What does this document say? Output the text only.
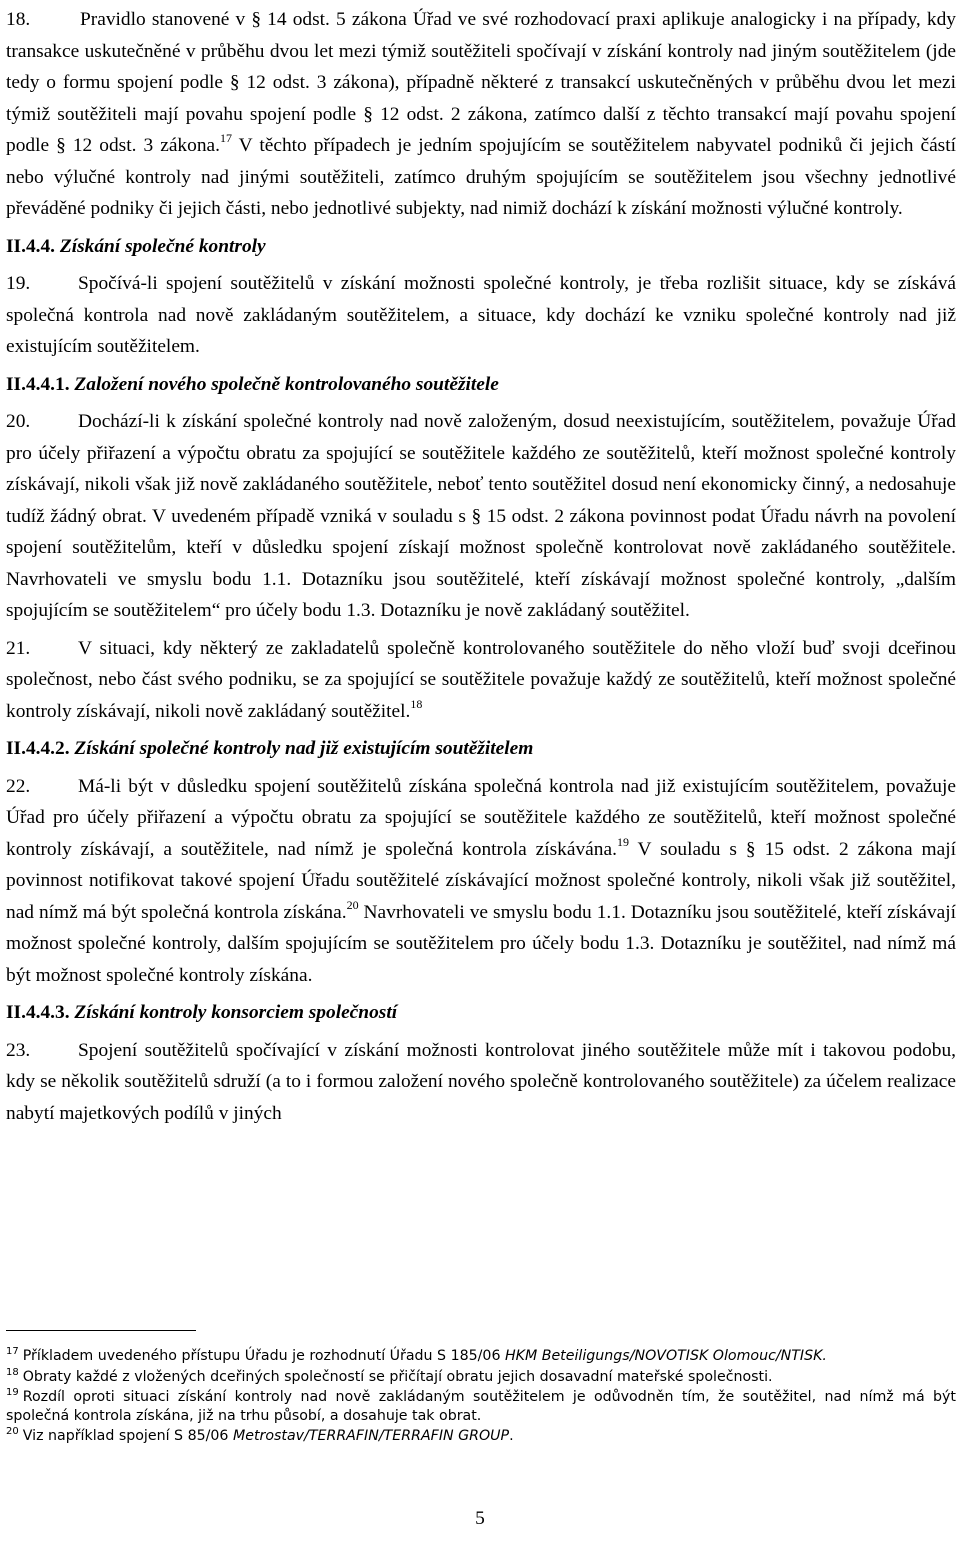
18.	Pravidlo stanovené v § 14 odst. 5 zákona Úřad ve své rozhodovací praxi aplikuje analogicky i na případy, kdy transakce uskutečněné v průběhu dvou let mezi týmiž soutěžiteli spočívají v získání kontroly nad jiným soutěžitelem (jde tedy o formu spojení podle § 12 odst. 3 zákona), případně některé z transakcí uskutečněných v průběhu dvou let mezi týmiž soutěžiteli mají povahu spojení podle § 12 odst. 2 zákona, zatímco další z těchto transakcí mají povahu spojení podle § 12 odst. 3 zákona.$^{17}$ V těchto případech je jedním spojujícím se soutěžitelem nabyvatel podniků či jejich částí nebo výlučné kontroly nad jinými soutěžiteli, zatímco druhým spojujícím se soutěžitelem jsou všechny jednotlivé převáděné podniky či jejich části, nebo jednotlivé subjekty, nad nimiž dochází k získání možnosti výlučné kontroly.

II.4.4. Získání společné kontroly

19. Spočívá-li spojení soutěžitelů v získání možnosti společné kontroly, je třeba rozlišit situace, kdy se získává společná kontrola nad nově zakládaným soutěžitelem, a situace, kdy dochází ke vzniku společné kontroly nad již existujícím soutěžitelem.

II.4.4.1. Založení nového společně kontrolovaného soutěžitele

20. Dochází-li k získání společné kontroly nad nově založeným, dosud neexistujícím, soutěžitelem, považuje Úřad pro účely přiřazení a výpočtu obratu za spojující se soutěžitele každého ze soutěžitelů, kteří možnost společné kontroly získávají, nikoli však již nově zakládaného soutěžitele, neboť tento soutěžitel dosud není ekonomicky činný, a nedosahuje tudíž žádný obrat. V uvedeném případě vzniká v souladu s § 15 odst. 2 zákona povinnost podat Úřadu návrh na povolení spojení soutěžitelům, kteří v důsledku spojení získají možnost společně kontrolovat nově zakládaného soutěžitele. Navrhovateli ve smyslu bodu 1.1. Dotazníku jsou soutěžitelé, kteří získávají možnost společné kontroly, „dalším spojujícím se soutěžitelem“ pro účely bodu 1.3. Dotazníku je nově zakládaný soutěžitel.

21. V situaci, kdy některý ze zakladatelů společně kontrolovaného soutěžitele do něho vloží buď svoji dceřinou společnost, nebo část svého podniku, se za spojující se soutěžitele považuje každý ze soutěžitelů, kteří možnost společné kontroly získávají, nikoli nově zakládaný soutěžitel.$^{18}$

II.4.4.2. Získání společné kontroly nad již existujícím soutěžitelem

22. Má-li být v důsledku spojení soutěžitelů získána společná kontrola nad již existujícím soutěžitelem, považuje Úřad pro účely přiřazení a výpočtu obratu za spojující se soutěžitele každého ze soutěžitelů, kteří možnost společné kontroly získávají, a soutěžitele, nad nímž je společná kontrola získávána.$^{19}$ V souladu s § 15 odst. 2 zákona mají povinnost notifikovat takové spojení Úřadu soutěžitelé získávající možnost společné kontroly, nikoli však již soutěžitel, nad nímž má být společná kontrola získána.$^{20}$ Navrhovateli ve smyslu bodu 1.1. Dotazníku jsou soutěžitelé, kteří získávají možnost společné kontroly, dalším spojujícím se soutěžitelem pro účely bodu 1.3. Dotazníku je soutěžitel, nad nímž má být možnost společné kontroly získána.

II.4.4.3. Získání kontroly konsorciem společností

23. Spojení soutěžitelů spočívající v získání možnosti kontrolovat jiného soutěžitele může mít i takovou podobu, kdy se několik soutěžitelů sdruží (a to i formou založení nového společně kontrolovaného soutěžitele) za účelem realizace nabytí majetkových podílů v jiných

$^{17}$ Příkladem uvedeného přístupu Úřadu je rozhodnutí Úřadu S 185/06 HKM Beteiligungs/NOVOTISK Olomouc/NTISK.

$^{18}$ Obraty každé z vložených dceřiných společností se přičítají obratu jejich dosavadní mateřské společnosti.

$^{19}$ Rozdíl oproti situaci získání kontroly nad nově zakládaným soutěžitelem je odůvodněn tím, že soutěžitel, nad nímž má být společná kontrola získána, již na trhu působí, a dosahuje tak obrat.

$^{20}$ Viz například spojení S 85/06 Metrostav/TERRAFIN/TERRAFIN GROUP.

5
